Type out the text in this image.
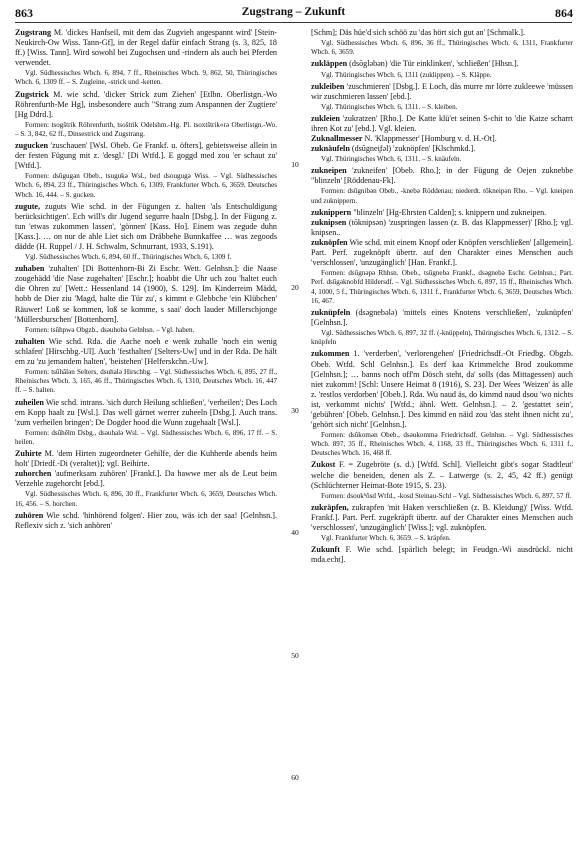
863	Zugstrang – Zukunft	864

Zugstrang M. 'dickes Hanfseil, mit dem das Zugvieh angespannt wird' [Stein-Neukirch-Ow Wiss. Tann-Gf], in der Regel dafür einfach Strang (s. 3, 825, 18 ff.) [Wiss. Tann]. Wird sowohl bei Zugochsen und -rindern als auch bei Pferden verwendet.

Vgl. Südhessisches Wbch. 6, 894, 7 ff., Rheinisches Wbch. 9, 862, 50, Thüringisches Wbch. 6, 1309 ff. – S. Zugleine, -strick und -ketten.

Zugstrick M. wie schd. 'dicker Strick zum Ziehen' [Etlbn. Oberlistgn.-Wo Röhrenfurth-Me Hg], insbesondere auch "Strang zum Anspannen der Zugtiere' [Hg Ddrd.].

Formen: tsogštrik Röhrenfurth, tsoštrik Odelshm.-Hg. Pl. tsoxtštrik«rə Oberlistgn.-Wo. – S. 3, 842, 62 ff., Dinsestrick und Zugstrang.

zugucken 'zuschauen' [Wsl. Obeb. Ge Frankf. u. öfters], gebietsweise allein in der festen Fügung mit z. 'desgl.' [Di Wtfd.]. E goggd med zou 'er schaut zu' [Wtfd.].

Formen: dsūgugən Obeb., tsugukə Wsl., bed dsougugə Wiss. – Vgl. Südhessisches Wbch. 6, 894, 23 ff., Thüringisches Wbch. 6, 1309, Frankfurter Wbch. 6, 3659, Deutsches Wbch. 16, 444. – S. gucken.

zugute, zuguts Wie schd. in der Fügungen z. halten 'als Entschuldigung berücksichtigen'. Ech will's dir Jugend segurre haaln [Dsbg.]. In der Fügung z. tun 'etwas zukommen lassen', 'gönnen' [Kass. Ho]. Einem was zegude duhn [Kass.]. … on nur de ahle Liet sich om Dräbbehe Bunnkaffee … was zegoods dädde (H. Ruppel / J. H. Schwalm, Schnurrant, 1933, S.191).

Vgl. Südhessisches Wbch. 6, 894, 60 ff., Thüringisches Wbch. 6, 1309 f.

zuhaben 'zuhalten' [Di Bottenhorn-Bi Zi Eschr. Wett. Gelnhsn.]: die Naase zougehädd 'die Nase zugehalten' [Eschr.]; hoabbt die Uhr uch zou 'haltet euch die Ohren zu' [Wett.: Hessenland 14 (1900), S. 129]. Im Kinderreim Mädd, hobb de Dier ziu 'Magd, halte die Tür zu', s kimmt e Glebbche 'ein Klübchen' Räuwer! Loß se kommen, loß se komme, s saai' doch lauder Millerschjonge 'Müllersburschen' [Bottenhorn].

Formen: tsūhpwə Obgzb., dsəuhobə Gelnhsn. – Vgl. haben.

zuhalten Wie schd. Rda. die Aache noeh e wenk zuhalle 'noch ein wenig schlafen' [Hirschbg.-Ul]. Auch 'festhalten' [Selters-Uw] und in der Rda. De hält em zu 'zu jemandem halten', 'beistehen' [Helferskchn.-Uw].

Formen: tsūhālən Selters, dsuhalə Hirschbg. – Vgl. Südhessisches Wbch. 6, 895, 27 ff., Rheinisches Wbch. 3, 165, 46 ff., Thüringisches Wbch. 6, 1310, Deutsches Wbch. 16, 447 ff. – S. halten.

zuheilen Wie schd. intrans. 'sich durch Heilung schließen', 'verheilen'; Des Loch em Kopp haalt zu [Wsl.]. Das well gärnet werrer zuheeln [Dsbg.]. Auch trans. 'zum verheilen bringen'; De Dogder hood die Wunn zugehaalt [Wsl.].

Formen: dsūhēlm Dsbg., dsəuhalə Wsl. – Vgl. Südhessisches Wbch. 6, 896, 17 ff. – S. heilen.

Zuhirte M. 'dem Hirten zugeordneter Gehilfe, der die Kuhherde abends heim holt' [Driedf.-Di (veraltet)]; vgl. Beihirte.

zuhorchen 'aufmerksam zuhören' [Frankf.]. Da hawwe mer als de Leut beim Verzehle zugehorcht [ebd.].

Vgl. Südhessisches Wbch. 6, 896, 30 ff., Frankfurter Wbch. 6, 3659, Deutsches Wbch. 16, 456. – S. horchen.

zuhören Wie schd. 'hinhörend folgen'. Hier zou, wäs ich der saa! [Gelnhsn.]. Reflexiv sich z. 'sich anhören'

[Schm]; Däs hüe'd sich schöö zu 'das hört sich gut an' [Schmalk.].

Vgl. Südhessisches Wbch. 6, 896, 36 ff., Thüringisches Wbch. 6, 1311, Frankfurter Wbch. 6, 3659.

zukläppen (dsōgləbən) 'die Tür einklinken', 'schließen' [Hhsn.].

Vgl. Thüringisches Wbch. 6, 1311 (zuklippen). – S. Kläppe.

zukleiben 'zuschmieren' [Dsbg.]. E Loch, däs murre mr lörre zukleewe 'müssen wir zuschmieren lassen' [ebd.].

Vgl. Thüringisches Wbch. 6, 1311. – S. kleiben.

zukleien 'zukratzen' [Rho.]. De Katte klü'et seinen S-chit to 'die Katze scharrt ihren Kot zu' [ebd.]. Vgl. kleien.

Zuknallmesser N. 'Klappmesser' [Homburg v. d. H.-Ot].

zuknäufeln (dsūgnei̯fəl) 'zuknöpfen' [Klschmkd.].

Vgl. Thüringisches Wbch. 6, 1311. – S. knäufeln.

zukneipen 'zukneifen' [Obeb. Rho.]; in der Fügung de Oejen zuknebbe "blinzeln' [Röddenau-Fk].

Formen: dsūgnibən Obeb., -knebə Röddenau; niederdt. tōkneipən Rho. – Vgl. kneipen und zuknippern.

zuknippern "blinzeln' [Hg-Ehrsten Calden]; s. knippern und zukneipen.

zuknipsen (tōknipsən) 'zuspringen lassen (z. B. das Klappmesser)' [Rho.]; vgl. knipsen..

zuknöpfen Wie schd. mit einem Knopf oder Knöpfen verschließen' [allgemein]. Part. Perf. zugeknöpft übertr. auf den Charakter eines Menschen auch 'verschlossen', 'unzugänglich' [Han. Frankf.].

Formen: dsūgnəpə Rhhsn. Obeb., tsūgnebə Frankf., dsəgnebə Eschr. Gelnhsn.; Part. Perf. dsūgəknobfd Hildersdf. – Vgl. Südhessisches Wbch. 6, 897, 15 ff., Rheinisches Wbch. 4, 1000, 5 f., Thüringisches Wbch. 6, 1311 f., Frankfurter Wbch. 6, 3659, Deutsches Wbch. 16, 467.

zuknüpfeln (dsəgnebələ) 'mittels eines Knotens verschließen', 'zuknüpfen' [Gelnhsn.].

Vgl. Südhessisches Wbch. 6, 897, 32 ff. (-knüppeln), Thüringisches Wbch. 6, 1312. – S. knüpfeln

zukommen 1. 'verderben', 'verlorengehen' [Friedrichsdf.-Ot Friedbg. Obgzb. Obeb. Wtfd. Schl Gelnhsn.]. Es derf kaa Krimmelche Brod zoukomme [Gelnhsn.]; … banns noch off'm Dösch steht, da' solls (das Mittagessen) auch niet zukomm! [Schl: Unsere Heimat 8 (1916), S. 23]. Der Wees 'Weizen' äs alle z. 'restlos verdorben' [Obeb.]. Rda. Wu naud äs, do kimmd naud dsou 'wo nichts ist, verkommt nichts' [Wtfd.; ähnl. Wett. Gelnhsn.]. – 2. 'gestattet sein', 'gebühren' [Obeb. Gelnhsn.]. Des kimmd en näid zou 'das steht ihnen nicht zu', 'gehört sich nicht' [Gelnhsn.].

Formen: dsūkomən Obeb., dsəukommə Friedrichsdf. Gelnhsn. – Vgl. Südhessisches Wbch. 897, 35 ff., Rheinisches Wbch. 4, 1168, 33 ff., Thüringisches Wbch. 6, 1311 f., Deutsches Wbch. 16, 468 ff.

Zukost F. = Zugebröte (s. d.) [Wtfd. Schl]. Vielleicht gibt's sogar Stadtleut' welche die beneiden, denen als Z. – Latwerge (s. 2, 45, 42 ff.) genügt (Schlüchterner Heimat-Bote 1915, S. 23).

Formen: dsoukʰōsd Wtfd., -kosd Steinau-Schl – Vgl. Südhessisches Wbch. 6, 897, 57 ff.

zukräpfen, zukrapfen 'mit Haken verschließen (z. B. Kleidung)' [Wiss. Wtfd. Frankf.]. Part. Perf. zugekräpft übertr. auf der Charakter eines Menschen auch 'verschlossen', 'unzugänglich' [Wiss.]; vgl. zuknöpfen.

Vgl. Frankfurter Wbch. 6, 3659. – S. kräpfen.

Zukunft F. Wie schd. [spärlich belegt; in Feudgn.-Wi ausdrückl. nicht mda.echt].

10
20
30
40
50
60
